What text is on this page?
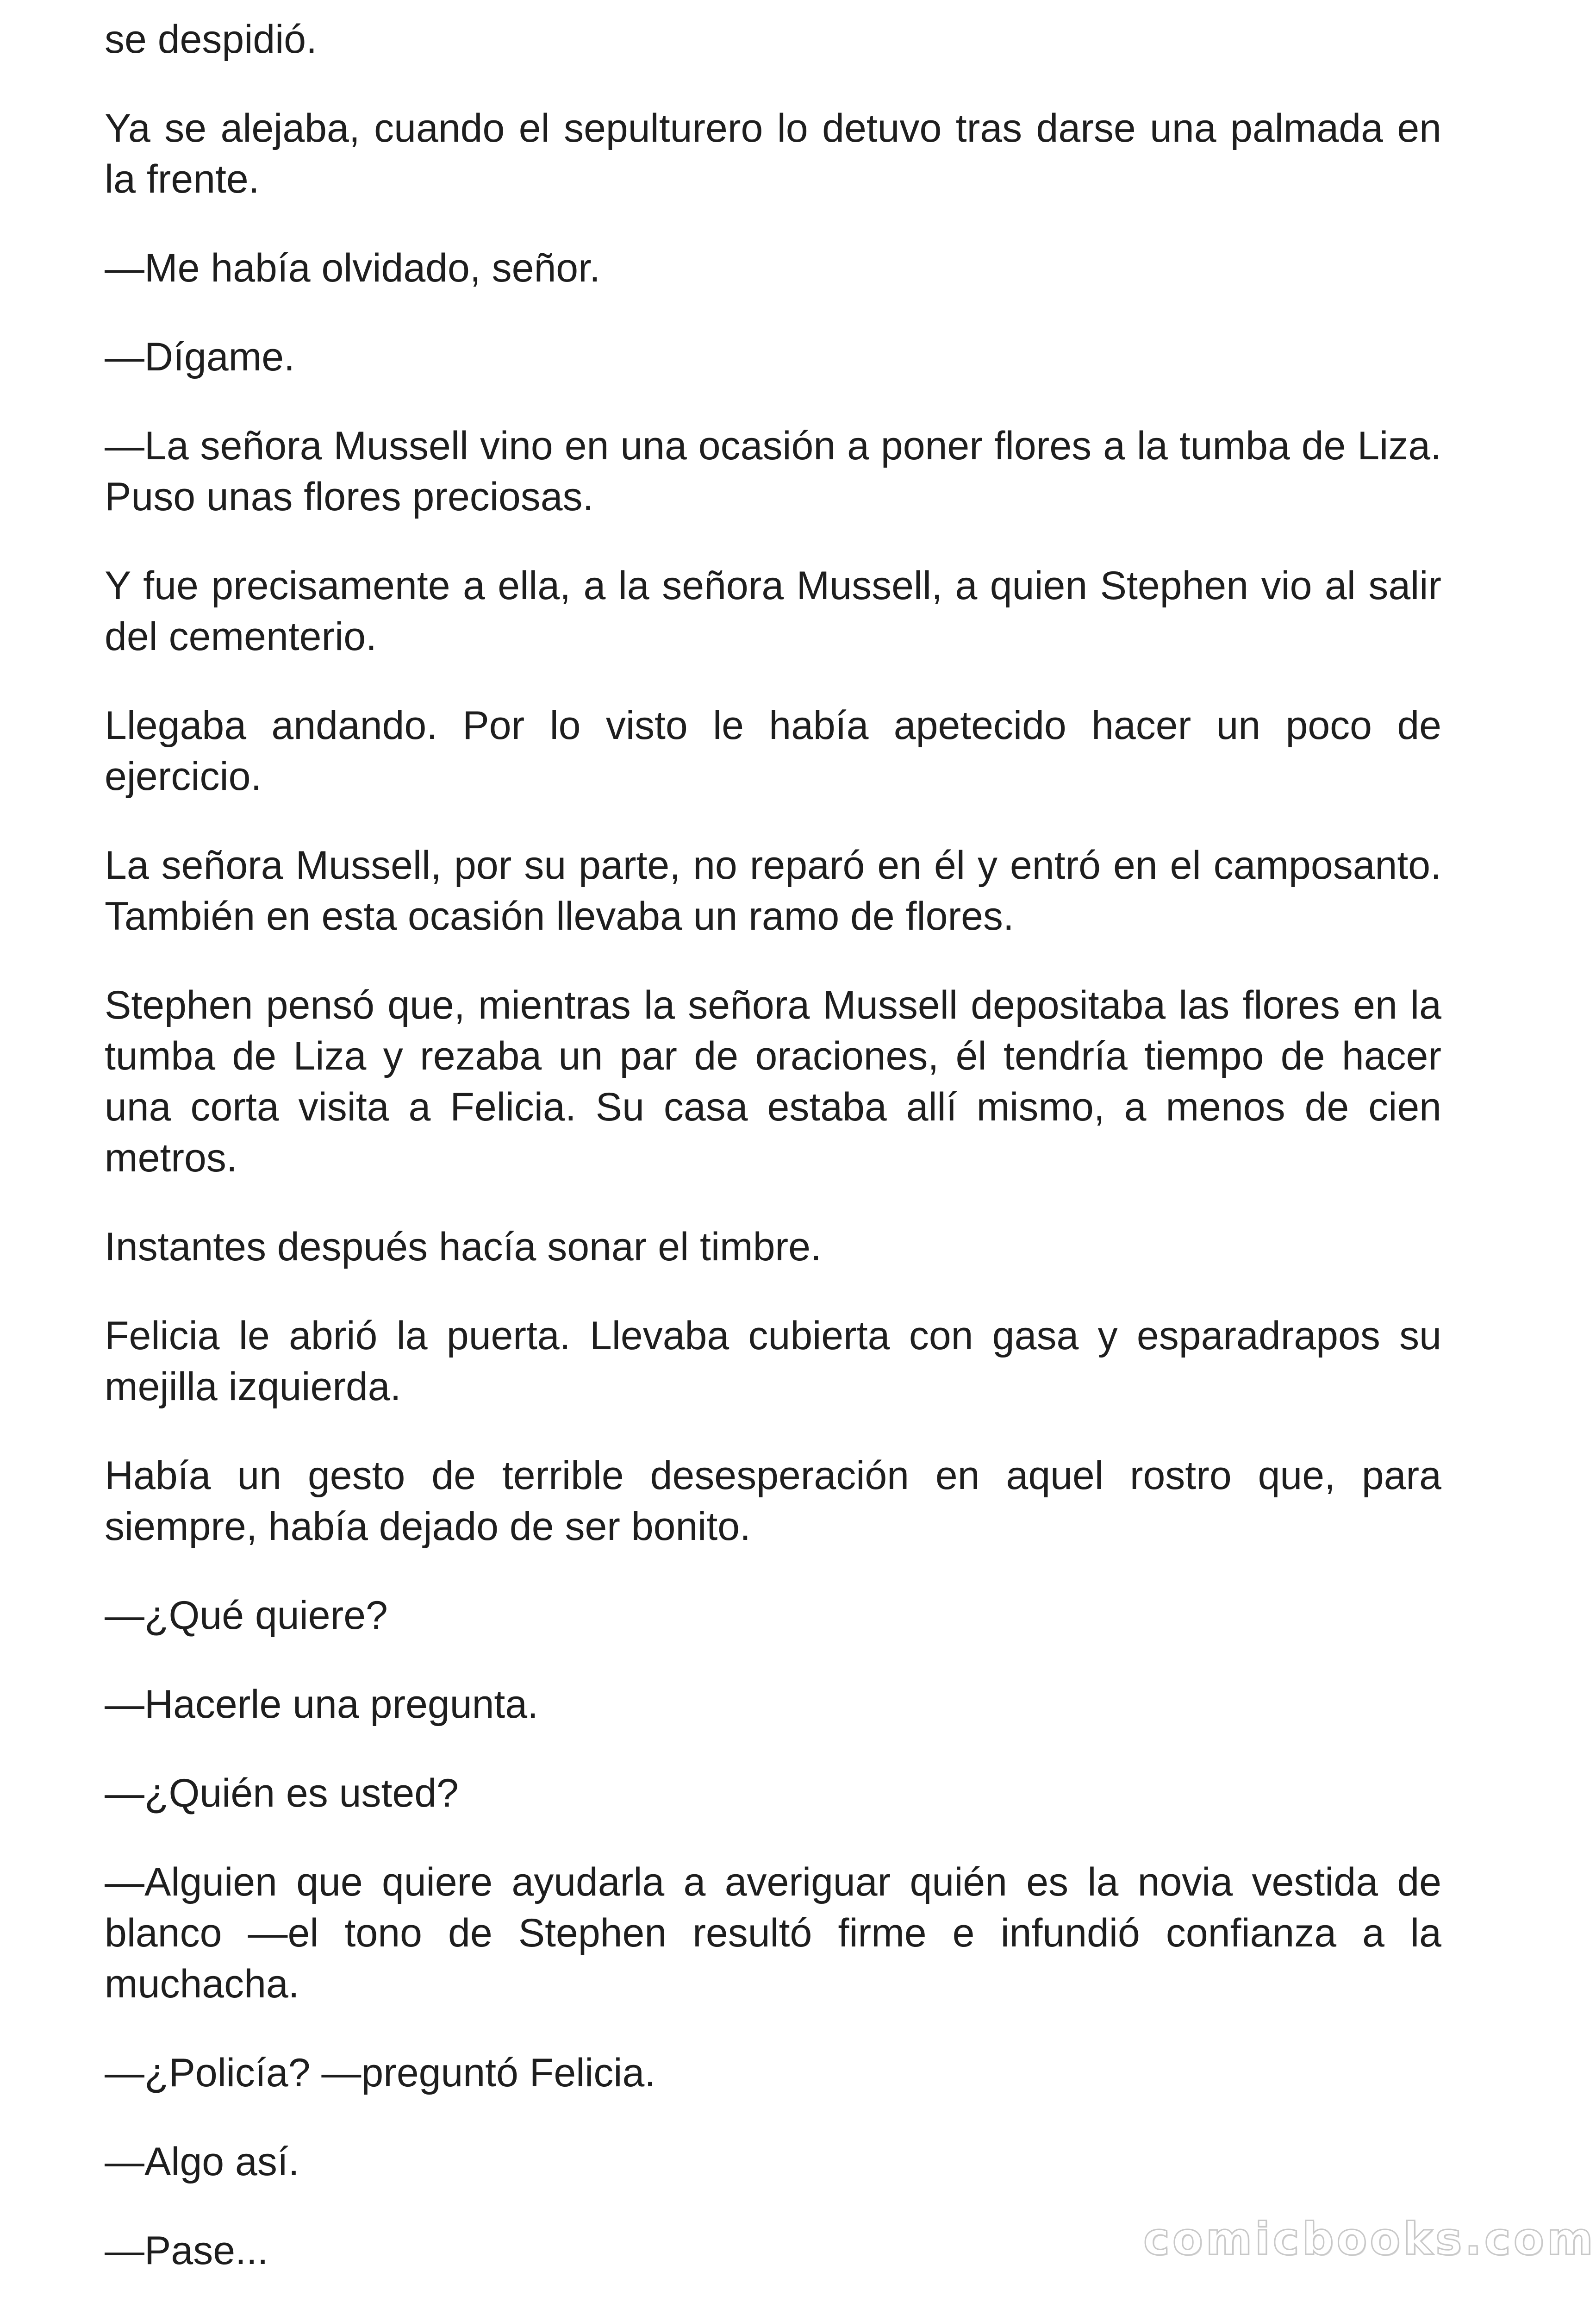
se despidió.

Ya se alejaba, cuando el sepulturero lo detuvo tras darse una palmada en la frente.

—Me había olvidado, señor.

—Dígame.

—La señora Mussell vino en una ocasión a poner flores a la tumba de Liza. Puso unas flores preciosas.

Y fue precisamente a ella, a la señora Mussell, a quien Stephen vio al salir del cementerio.

Llegaba andando. Por lo visto le había apetecido hacer un poco de ejercicio.

La señora Mussell, por su parte, no reparó en él y entró en el camposanto. También en esta ocasión llevaba un ramo de flores.

Stephen pensó que, mientras la señora Mussell depositaba las flores en la tumba de Liza y rezaba un par de oraciones, él tendría tiempo de hacer una corta visita a Felicia. Su casa estaba allí mismo, a menos de cien metros.

Instantes después hacía sonar el timbre.

Felicia le abrió la puerta. Llevaba cubierta con gasa y esparadrapos su mejilla izquierda.

Había un gesto de terrible desesperación en aquel rostro que, para siempre, había dejado de ser bonito.

—¿Qué quiere?

—Hacerle una pregunta.

—¿Quién es usted?

—Alguien que quiere ayudarla a averiguar quién es la novia vestida de blanco —el tono de Stephen resultó firme e infundió confianza a la muchacha.

—¿Policía? —preguntó Felicia.

—Algo así.

—Pase...	comicbooks.com
